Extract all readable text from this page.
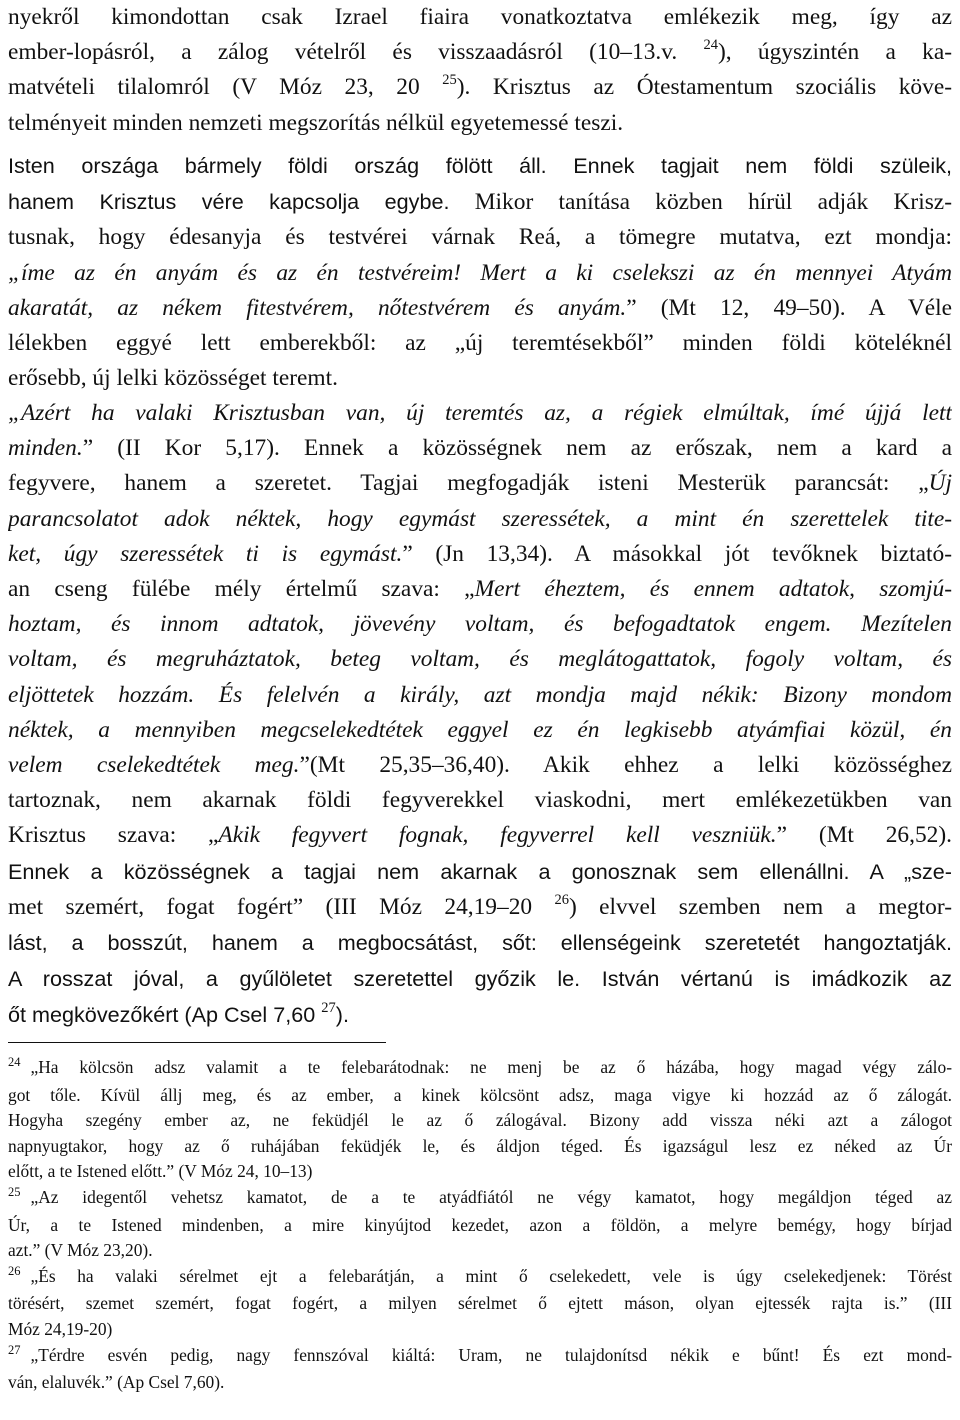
nyekről kimondottan csak Izrael fiaira vonatkoztatva emlékezik meg, így az
ember-lopásról, a zálog vételről és visszaadásról (10–13.v. $^{24}$), úgyszintén a ka-
matvételi tilalomról (V Móz 23, 20 $^{25}$). Krisztus az Ótestamentum szociális köve-
telményeit minden nemzeti megszorítás nélkül egyetemessé teszi.
Isten országa bármely földi ország fölött áll. Ennek tagjait nem földi szüleik,
hanem Krisztus vére kapcsolja egybe. Mikor tanítása közben hírül adják Krisz-
tusnak, hogy édesanyja és testvérei várnak Reá, a tömegre mutatva, ezt mondja:
„íme az én anyám és az én testvéreim! Mert a ki cselekszi az én mennyei Atyám
akaratát, az nékem fitestvérem, nőtestvérem és anyám.” (Mt 12, 49–50). A Véle
lélekben eggyé lett emberekből: az „új teremtésekből” minden földi köteléknél
erősebb, új lelki közösséget teremt.
„Azért ha valaki Krisztusban van, új teremtés az, a régiek elmúltak, ímé újjá lett
minden.” (II Kor 5,17). Ennek a közösségnek nem az erőszak, nem a kard a
fegyvere, hanem a szeretet. Tagjai megfogadják isteni Mesterük parancsát: „Új
parancsolatot adok néktek, hogy egymást szeressétek, a mint én szerettelek tite-
ket, úgy szeressétek ti is egymást.” (Jn 13,34). A másokkal jót tevőknek biztató-
an cseng fülébe mély értelmű szava: „Mert éheztem, és ennem adtatok, szomjú-
hoztam, és innom adtatok, jövevény voltam, és befogadtatok engem. Mezítelen
voltam, és megruháztatok, beteg voltam, és meglátogattatok, fogoly voltam, és
eljöttetek hozzám. És felelvén a király, azt mondja majd nékik: Bizony mondom
néktek, a mennyiben megcselekedtétek eggyel ez én legkisebb atyámfiai közül, én
velem cselekedtétek meg.”(Mt 25,35–36,40). Akik ehhez a lelki közösséghez
tartoznak, nem akarnak földi fegyverekkel viaskodni, mert emlékezetükben van
Krisztus szava: „Akik fegyvert fognak, fegyverrel kell veszniük.” (Mt 26,52).
Ennek a közösségnek a tagjai nem akarnak a gonosznak sem ellenállni. A „sze-
met szemért, fogat fogért” (III Móz 24,19–20 $^{26}$) elvvel szemben nem a megtor-
lást, a bosszút, hanem a megbocsátást, sőt: ellenségeink szeretetét hangoztatják.
A rosszat jóval, a gyűlöletet szeretettel győzik le. István vértanú is imádkozik az
őt megkövezőkért (Ap Csel 7,60 $^{27}$).
$^{24}$ „Ha kölcsön adsz valamit a te felebarátodnak: ne menj be az ő házába, hogy magad végy zálo-
got tőle. Kívül állj meg, és az ember, a kinek kölcsönt adsz, maga vigye ki hozzád az ő zálogát.
Hogyha szegény ember az, ne feküdjél le az ő zálogával. Bizony add vissza néki azt a zálogot
napnyugtakor, hogy az ő ruhájában feküdjék le, és áldjon téged. És igazságul lesz ez néked az Úr
előtt, a te Istened előtt.” (V Móz 24, 10–13)
$^{25}$ „Az idegentől vehetsz kamatot, de a te atyádfiától ne végy kamatot, hogy megáldjon téged az
Úr, a te Istened mindenben, a mire kinyújtod kezedet, azon a földön, a melyre bemégy, hogy bírjad
azt.” (V Móz 23,20).
$^{26}$ „És ha valaki sérelmet ejt a felebarátján, a mint ő cselekedett, vele is úgy cselekedjenek: Törést
törésért, szemet szemért, fogat fogért, a milyen sérelmet ő ejtett máson, olyan ejtessék rajta is.” (III
Móz 24,19-20)
$^{27}$ „Térdre esvén pedig, nagy fennszóval kiáltá: Uram, ne tulajdonítsd nékik e bűnt! És ezt mond-
ván, elaluvék.” (Ap Csel 7,60).
